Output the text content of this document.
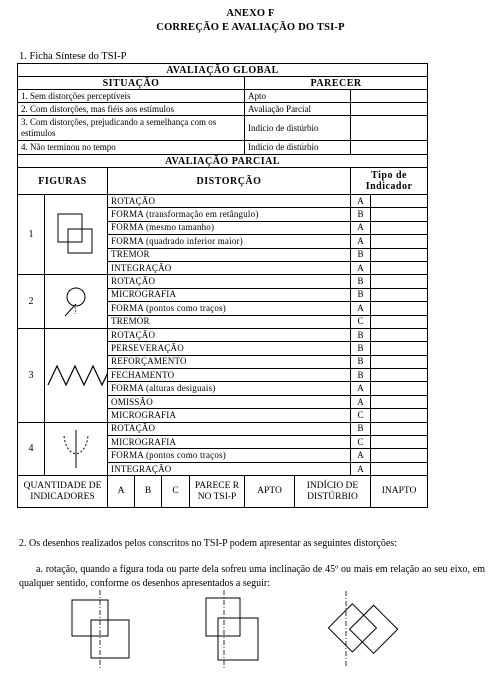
ANEXO F
CORREÇÃO E AVALIAÇÃO DO TSI-P
1. Ficha Síntese do TSI-P
AVALIAÇÃO GLOBAL									
SITUAÇÃO						PARECER			
1. Sem distorções perceptíveis						Apto			
2. Com distorções, mas fiéis aos estímulos						Avaliação Parcial			
3. Com distorções, prejudicando a semelhança com os estímulos						Indício de distúrbio			
4. Não terminou no tempo						Indício de distúrbio			
AVALIAÇÃO PARCIAL									
FIGURAS		DISTORÇÃO						Tipo de Indicador	
1		ROTAÇÃO						A	
		FORMA (transformação em retângulo)						B	
		FORMA (mesmo tamanho)						A	
		FORMA (quadrado inferior maior)						A	
		TREMOR						B	
		INTEGRAÇÃO						A	
2		ROTAÇÃO						B	
		MICROGRAFIA						B	
		FORMA (pontos como traços)						A	
		TREMOR						C	
3		ROTAÇÃO						B	
		PERSEVERAÇÃO						B	
		REFORÇAMENTO						B	
		FECHAMENTO						B	
		FORMA (alturas desiguais)						A	
		OMISSÃO						A	
		MICROGRAFIA						C	
4		ROTAÇÃO						B	
		MICROGRAFIA						C	
		FORMA (pontos como traços)						A	
		INTEGRAÇÃO						A	
QUANTIDADE DE INDICADORES		A	B	C	PARECE R NO TSI-P	APTO	INDÍCIO DE DISTÚRBIO		INAPTO
2. Os desenhos realizados pelos conscritos no TSI-P podem apresentar as seguintes distorções:
a. rotação, quando a figura toda ou parte dela sofreu uma inclinação de 45º ou mais em relação ao seu eixo, em qualquer sentido, conforme os desenhos apresentados a seguir:
